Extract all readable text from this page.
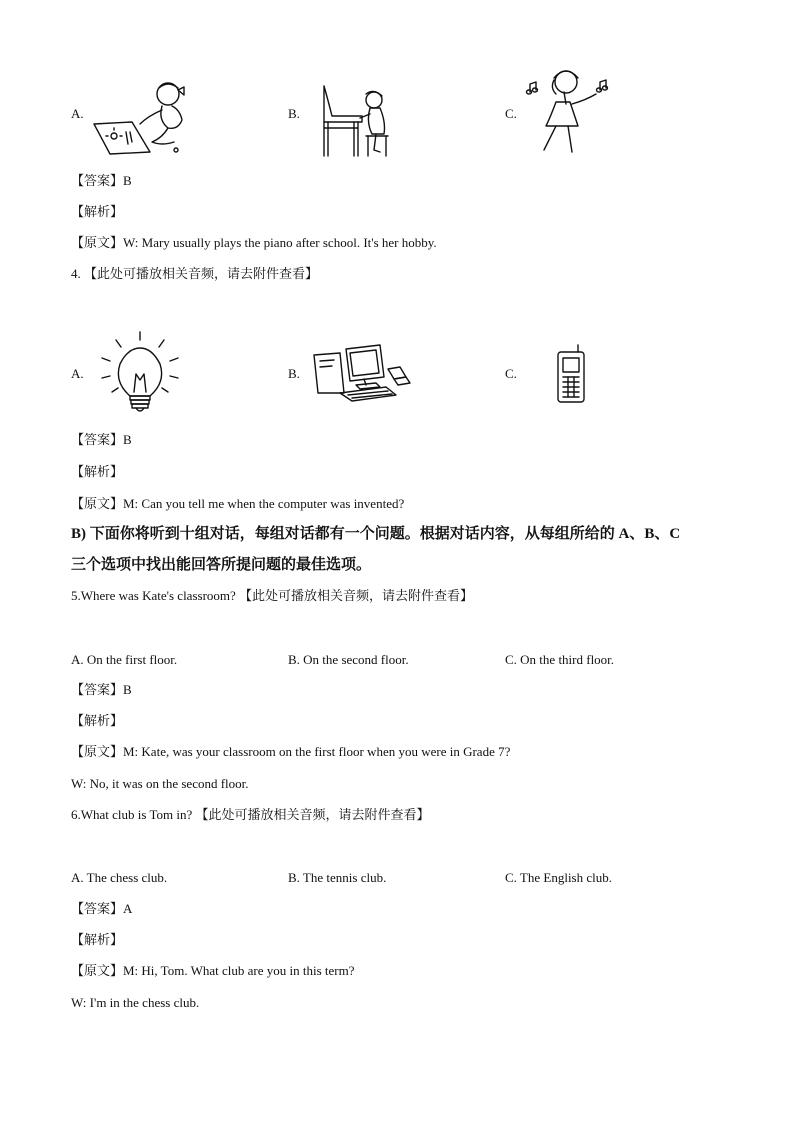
A.	B.	C.
【答案】B
【解析】
【原文】W: Mary usually plays the piano after school. It's her hobby.
4. 【此处可播放相关音频，请去附件查看】
A.	B.	C.
【答案】B
【解析】
【原文】M: Can you tell me when the computer was invented?
B) 下面你将听到十组对话，每组对话都有一个问题。根据对话内容，从每组所给的 A、B、C
三个选项中找出能回答所提问题的最佳选项。
5.Where was Kate's classroom? 【此处可播放相关音频，请去附件查看】
A. On the first floor.	B. On the second floor.	C. On the third floor.
【答案】B
【解析】
【原文】M: Kate, was your classroom on the first floor when you were in Grade 7?
W: No, it was on the second floor.
6.What club is Tom in? 【此处可播放相关音频，请去附件查看】
A. The chess club.	B. The tennis club.	C. The English club.
【答案】A
【解析】
【原文】M: Hi, Tom. What club are you in this term?
W: I'm in the chess club.
